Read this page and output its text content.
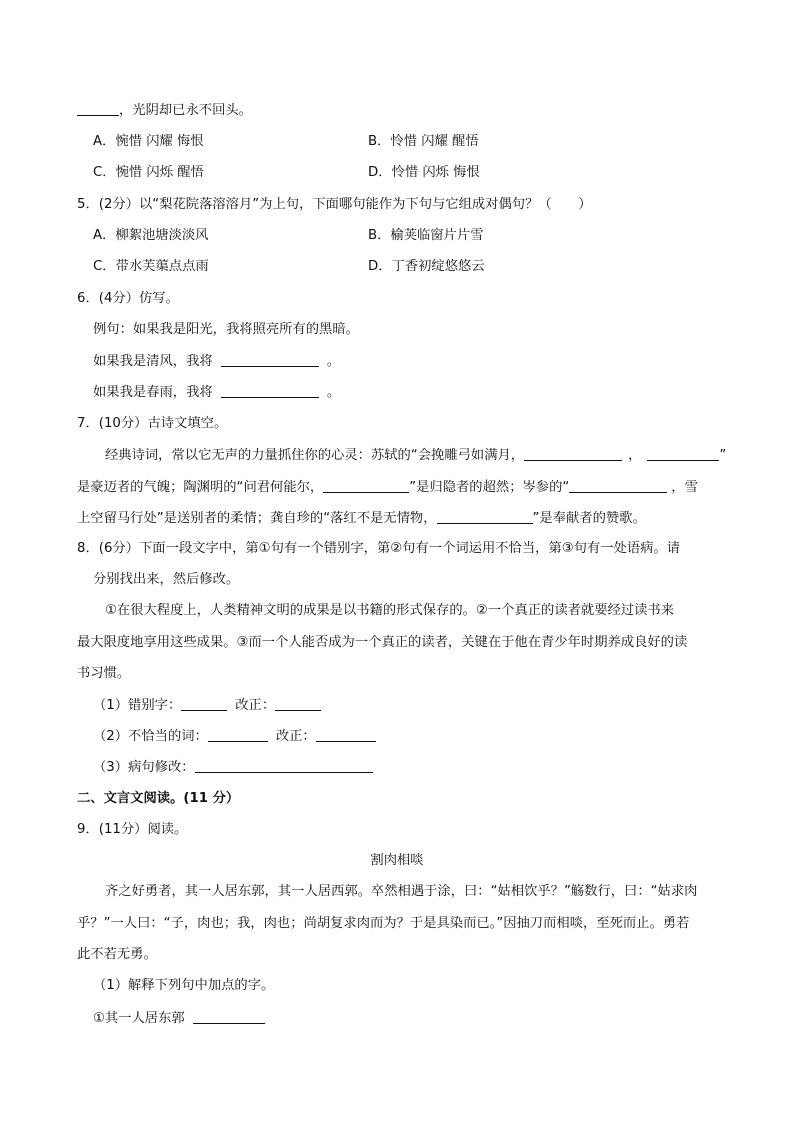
，光阴却已永不回头。
A．惋惜 闪耀 悔恨	B．怜惜 闪耀 醒悟
C．惋惜 闪烁 醒悟	D．怜惜 闪烁 悔恨
5．(2分）以“梨花院落溶溶月”为上句，下面哪句能作为下句与它组成对偶句？（　　）
A．柳絮池塘淡淡风	B．榆荚临窗片片雪
C．带水芙蕖点点雨	D．丁香初绽悠悠云
6．(4分）仿写。
例句：如果我是阳光，我将照亮所有的黑暗。
如果我是清风，我将	。
如果我是春雨，我将	。
7．(10分）古诗文填空。
经典诗词，常以它无声的力量抓住你的心灵：苏轼的“会挽雕弓如满月，	，	”
是豪迈者的气魄；陶渊明的“问君何能尔，	”是归隐者的超然；岑参的“	，雪
上空留马行处”是送别者的柔情；龚自珍的“落红不是无情物，	”是奉献者的赞歌。
8．(6分）下面一段文字中，第①句有一个错别字，第②句有一个词运用不恰当，第③句有一处语病。请
分别找出来，然后修改。
①在很大程度上，人类精神文明的成果是以书籍的形式保存的。②一个真正的读者就要经过读书来
最大限度地享用这些成果。③而一个人能否成为一个真正的读者，关键在于他在青少年时期养成良好的读
书习惯。
（1）错别字：	改正：
（2）不恰当的词：	改正：
（3）病句修改：
二、文言文阅读。(11 分）
9．(11分）阅读。
割肉相啖
齐之好勇者，其一人居东郭，其一人居西郭。卒然相遇于涂，曰：“姑相饮乎？”觞数行，曰：“姑求肉
乎？”一人曰：“子，肉也；我，肉也；尚胡复求肉而为？于是具染而已。”因抽刀而相啖，至死而止。勇若
此不若无勇。
（1）解释下列句中加点的字。
①其一人居东郭
